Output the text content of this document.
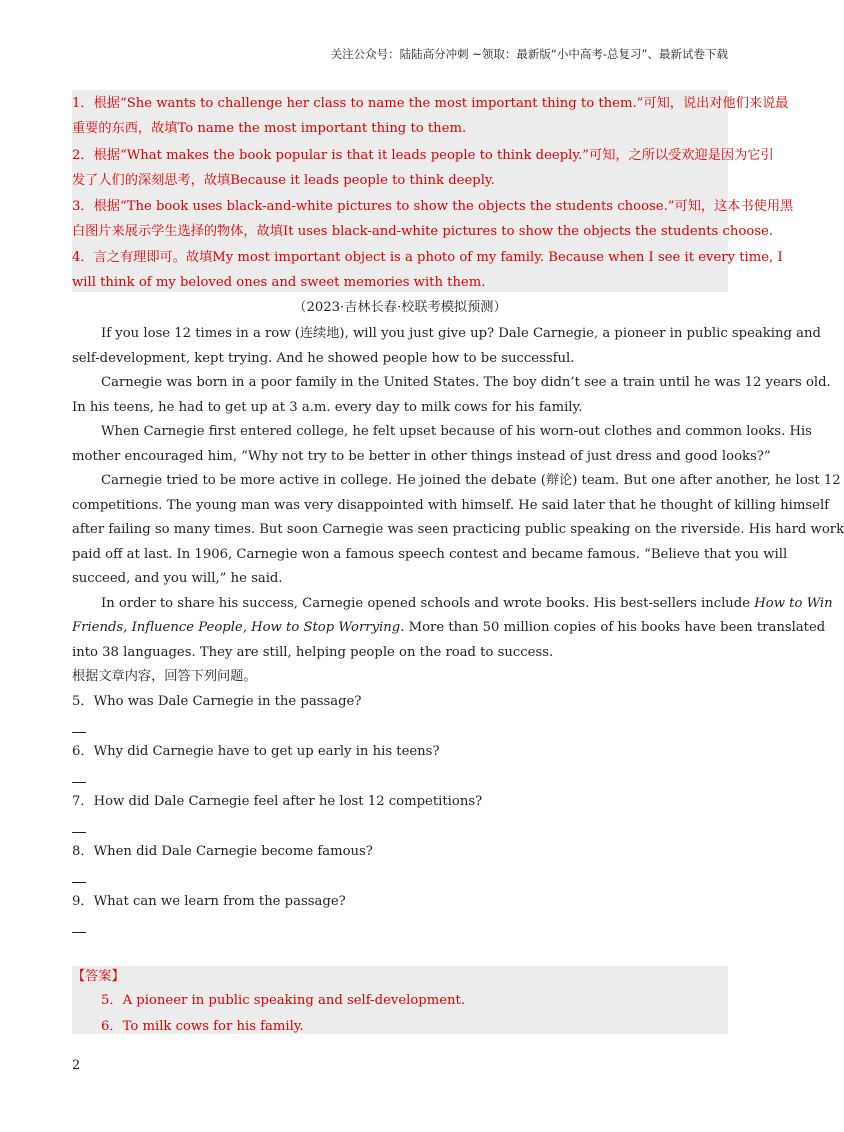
关注公众号：陆陆高分冲刺 ~领取：最新版“小中高考-总复习”、最新试卷下载
1．根据“She wants to challenge her class to name the most important thing to them.”可知，说出对他们来说最
重要的东西，故填To name the most important thing to them.
2．根据“What makes the book popular is that it leads people to think deeply.”可知，之所以受欢迎是因为它引
发了人们的深刻思考，故填Because it leads people to think deeply.
3．根据“The book uses black-and-white pictures to show the objects the students choose.”可知，这本书使用黑
白图片来展示学生选择的物体，故填It uses black-and-white pictures to show the objects the students choose.
4．言之有理即可。故填My most important object is a photo of my family. Because when I see it every time, I
will think of my beloved ones and sweet memories with them.
（2023·吉林长春·校联考模拟预测）
If you lose 12 times in a row (连续地), will you just give up? Dale Carnegie, a pioneer in public speaking and
self-development, kept trying. And he showed people how to be successful.
Carnegie was born in a poor family in the United States. The boy didn’t see a train until he was 12 years old.
In his teens, he had to get up at 3 a.m. every day to milk cows for his family.
When Carnegie first entered college, he felt upset because of his worn-out clothes and common looks. His
mother encouraged him, ”Why not try to be better in other things instead of just dress and good looks?”
Carnegie tried to be more active in college. He joined the debate (辩论) team. But one after another, he lost 12
competitions. The young man was very disappointed with himself. He said later that he thought of killing himself
after failing so many times. But soon Carnegie was seen practicing public speaking on the riverside. His hard work
paid off at last. In 1906, Carnegie won a famous speech contest and became famous. “Believe that you will
succeed, and you will,” he said.
In order to share his success, Carnegie opened schools and wrote books. His best-sellers include How to Win
Friends, Influence People, How to Stop Worrying. More than 50 million copies of his books have been translated
into 38 languages. They are still, helping people on the road to success.
根据文章内容，回答下列问题。
5．Who was Dale Carnegie in the passage?
6．Why did Carnegie have to get up early in his teens?
7．How did Dale Carnegie feel after he lost 12 competitions?
8．When did Dale Carnegie become famous?
9．What can we learn from the passage?
【答案】
5．A pioneer in public speaking and self-development.
6．To milk cows for his family.
2
